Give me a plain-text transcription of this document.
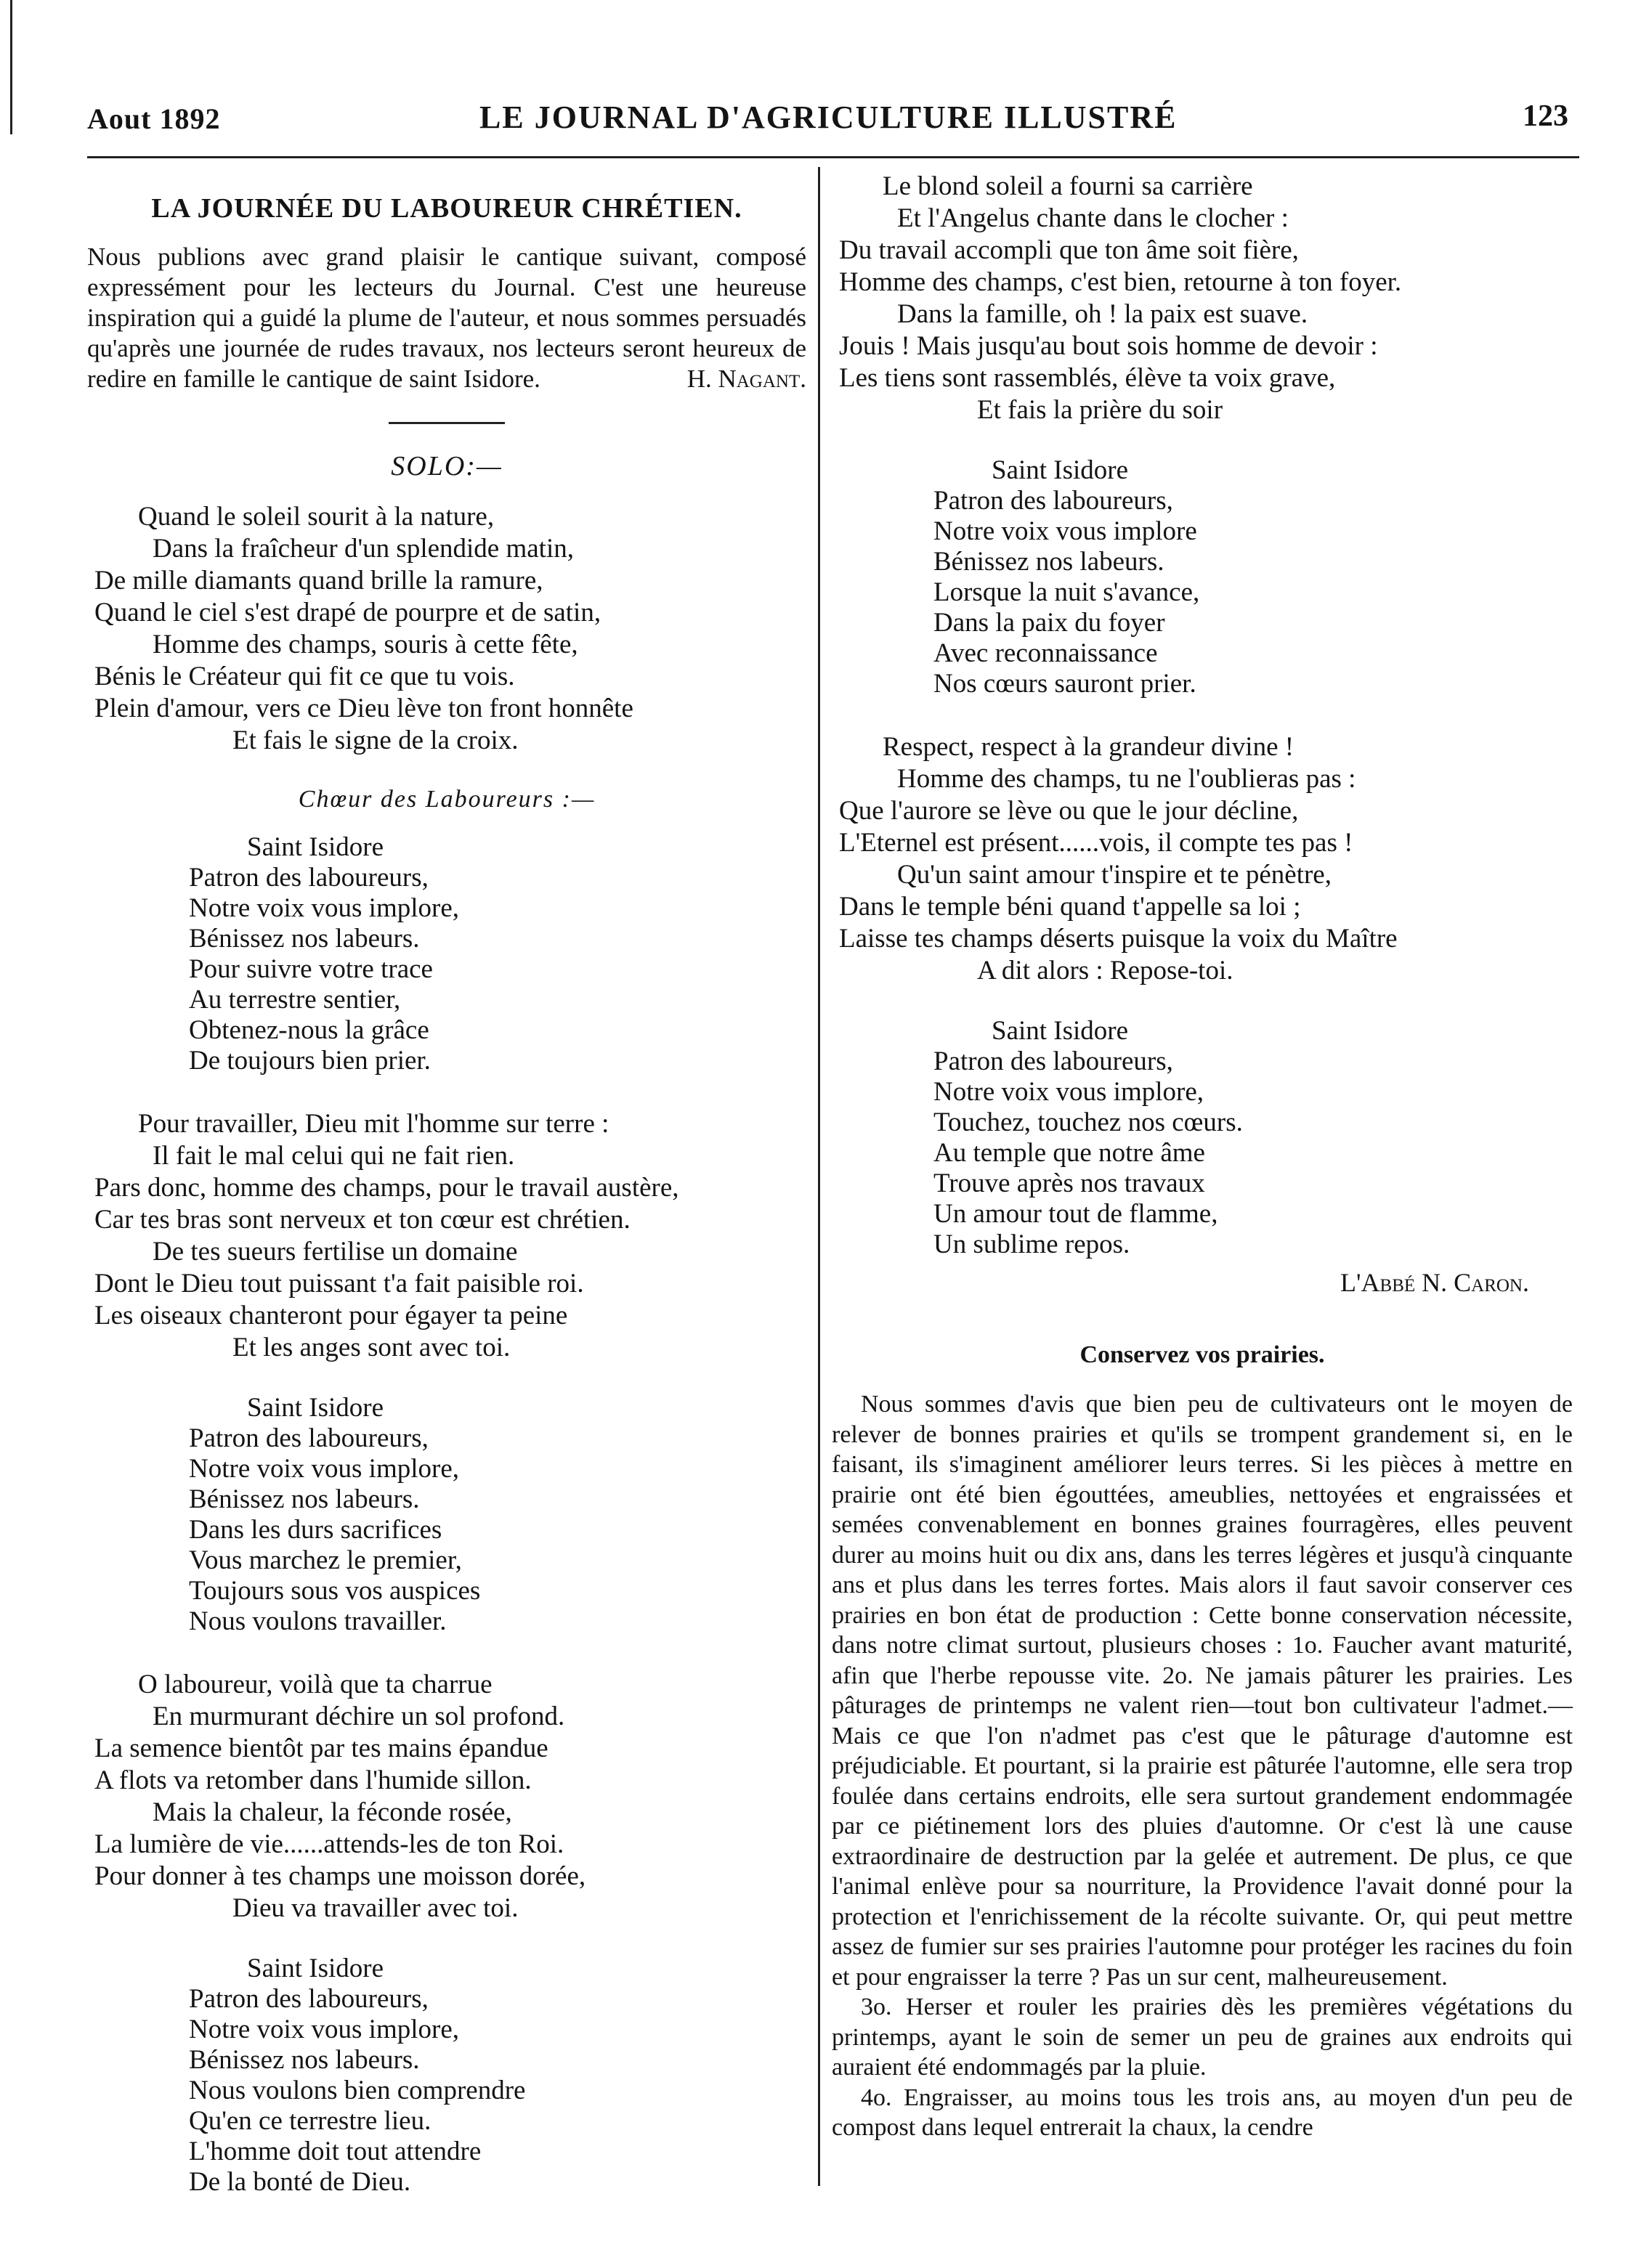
Aout 1892	LE JOURNAL D'AGRICULTURE ILLUSTRÉ	123
LA JOURNÉE DU LABOUREUR CHRÉTIEN.

Nous publions avec grand plaisir le cantique suivant, composé expressément pour les lecteurs du Journal. C'est une heureuse inspiration qui a guidé la plume de l'auteur, et nous sommes persuadés qu'après une journée de rudes travaux, nos lecteurs seront heureux de redire en famille le cantique de saint Isidore.	H. Nagant.

SOLO:—
Quand le soleil sourit à la nature,
Dans la fraîcheur d'un splendide matin,
De mille diamants quand brille la ramure,
Quand le ciel s'est drapé de pourpre et de satin,
Homme des champs, souris à cette fête,
Bénis le Créateur qui fit ce que tu vois.
Plein d'amour, vers ce Dieu lève ton front honnête
Et fais le signe de la croix.
Chœur des Laboureurs :—
Saint Isidore
Patron des laboureurs,
Notre voix vous implore,
Bénissez nos labeurs.
Pour suivre votre trace
Au terrestre sentier,
Obtenez-nous la grâce
De toujours bien prier.
Pour travailler, Dieu mit l'homme sur terre :
Il fait le mal celui qui ne fait rien.
Pars donc, homme des champs, pour le travail austère,
Car tes bras sont nerveux et ton cœur est chrétien.
De tes sueurs fertilise un domaine
Dont le Dieu tout puissant t'a fait paisible roi.
Les oiseaux chanteront pour égayer ta peine
Et les anges sont avec toi.
Saint Isidore
Patron des laboureurs,
Notre voix vous implore,
Bénissez nos labeurs.
Dans les durs sacrifices
Vous marchez le premier,
Toujours sous vos auspices
Nous voulons travailler.
O laboureur, voilà que ta charrue
En murmurant déchire un sol profond.
La semence bientôt par tes mains épandue
A flots va retomber dans l'humide sillon.
Mais la chaleur, la féconde rosée,
La lumière de vie......attends-les de ton Roi.
Pour donner à tes champs une moisson dorée,
Dieu va travailler avec toi.
Saint Isidore
Patron des laboureurs,
Notre voix vous implore,
Bénissez nos labeurs.
Nous voulons bien comprendre
Qu'en ce terrestre lieu.
L'homme doit tout attendre
De la bonté de Dieu.
Le blond soleil a fourni sa carrière
Et l'Angelus chante dans le clocher :
Du travail accompli que ton âme soit fière,
Homme des champs, c'est bien, retourne à ton foyer.
Dans la famille, oh ! la paix est suave.
Jouis ! Mais jusqu'au bout sois homme de devoir :
Les tiens sont rassemblés, élève ta voix grave,
Et fais la prière du soir
Saint Isidore
Patron des laboureurs,
Notre voix vous implore
Bénissez nos labeurs.
Lorsque la nuit s'avance,
Dans la paix du foyer
Avec reconnaissance
Nos cœurs sauront prier.
Respect, respect à la grandeur divine !
Homme des champs, tu ne l'oublieras pas :
Que l'aurore se lève ou que le jour décline,
L'Eternel est présent......vois, il compte tes pas !
Qu'un saint amour t'inspire et te pénètre,
Dans le temple béni quand t'appelle sa loi ;
Laisse tes champs déserts puisque la voix du Maître
A dit alors : Repose-toi.
Saint Isidore
Patron des laboureurs,
Notre voix vous implore,
Touchez, touchez nos cœurs.
Au temple que notre âme
Trouve après nos travaux
Un amour tout de flamme,
Un sublime repos.
L'Abbé N. Caron.
Conservez vos prairies.

Nous sommes d'avis que bien peu de cultivateurs ont le moyen de relever de bonnes prairies et qu'ils se trompent grandement si, en le faisant, ils s'imaginent améliorer leurs terres. Si les pièces à mettre en prairie ont été bien égouttées, ameublies, nettoyées et engraissées et semées convenablement en bonnes graines fourragères, elles peuvent durer au moins huit ou dix ans, dans les terres légères et jusqu'à cinquante ans et plus dans les terres fortes. Mais alors il faut savoir conserver ces prairies en bon état de production : Cette bonne conservation nécessite, dans notre climat surtout, plusieurs choses : 1o. Faucher avant maturité, afin que l'herbe repousse vite. 2o. Ne jamais pâturer les prairies. Les pâturages de printemps ne valent rien—tout bon cultivateur l'admet.—Mais ce que l'on n'admet pas c'est que le pâturage d'automne est préjudiciable. Et pourtant, si la prairie est pâturée l'automne, elle sera trop foulée dans certains endroits, elle sera surtout grandement endommagée par ce piétinement lors des pluies d'automne. Or c'est là une cause extraordinaire de destruction par la gelée et autrement. De plus, ce que l'animal enlève pour sa nourriture, la Providence l'avait donné pour la protection et l'enrichissement de la récolte suivante. Or, qui peut mettre assez de fumier sur ses prairies l'automne pour protéger les racines du foin et pour engraisser la terre ? Pas un sur cent, malheureusement.

3o. Herser et rouler les prairies dès les premières végétations du printemps, ayant le soin de semer un peu de graines aux endroits qui auraient été endommagés par la pluie.

4o. Engraisser, au moins tous les trois ans, au moyen d'un peu de compost dans lequel entrerait la chaux, la cendre
